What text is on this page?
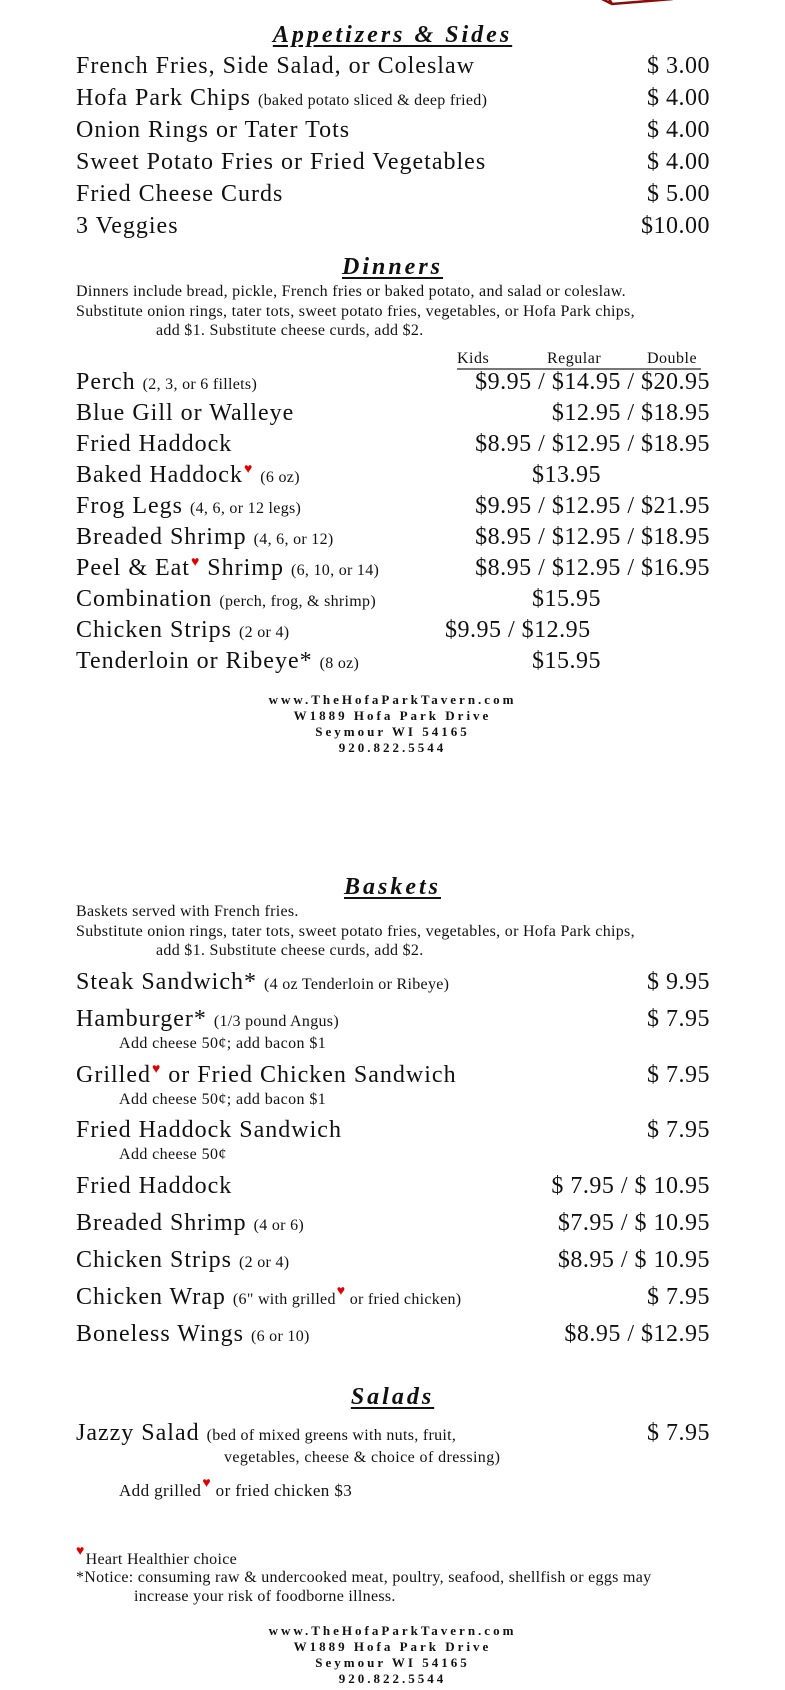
Appetizers & Sides
French Fries, Side Salad, or Coleslaw	$ 3.00
Hofa Park Chips (baked potato sliced & deep fried)	$ 4.00
Onion Rings or Tater Tots	$ 4.00
Sweet Potato Fries or Fried Vegetables	$ 4.00
Fried Cheese Curds	$ 5.00
3 Veggies	$10.00
Dinners
Dinners include bread, pickle, French fries or baked potato, and salad or coleslaw.
Substitute onion rings, tater tots, sweet potato fries, vegetables, or Hofa Park chips,
add $1. Substitute cheese curds, add $2.
Kids	Regular	Double
Perch (2, 3, or 6 fillets)	$9.95 / $14.95 / $20.95
Blue Gill or Walleye	$12.95 / $18.95
Fried Haddock	$8.95 / $12.95 / $18.95
Baked Haddock♥ (6 oz)	$13.95
Frog Legs (4, 6, or 12 legs)	$9.95 / $12.95 / $21.95
Breaded Shrimp (4, 6, or 12)	$8.95 / $12.95 / $18.95
Peel & Eat♥ Shrimp (6, 10, or 14)	$8.95 / $12.95 / $16.95
Combination (perch, frog, & shrimp)	$15.95
Chicken Strips (2 or 4)	$9.95 / $12.95
Tenderloin or Ribeye* (8 oz)	$15.95
www.TheHofaParkTavern.com
W1889 Hofa Park Drive
Seymour WI 54165
920.822.5544
Baskets
Baskets served with French fries.
Substitute onion rings, tater tots, sweet potato fries, vegetables, or Hofa Park chips,
add $1. Substitute cheese curds, add $2.
Steak Sandwich* (4 oz Tenderloin or Ribeye)	$ 9.95
Hamburger* (1/3 pound Angus)	$ 7.95
Add cheese 50¢; add bacon $1
Grilled♥ or Fried Chicken Sandwich	$ 7.95
Add cheese 50¢; add bacon $1
Fried Haddock Sandwich	$ 7.95
Add cheese 50¢
Fried Haddock	$ 7.95 / $ 10.95
Breaded Shrimp (4 or 6)	$7.95 / $ 10.95
Chicken Strips (2 or 4)	$8.95 / $ 10.95
Chicken Wrap (6" with grilled♥ or fried chicken)	$ 7.95
Boneless Wings (6 or 10)	$8.95 / $12.95
Salads
Jazzy Salad (bed of mixed greens with nuts, fruit,	$ 7.95
vegetables, cheese & choice of dressing)
Add grilled♥ or fried chicken $3
♥Heart Healthier choice
*Notice: consuming raw & undercooked meat, poultry, seafood, shellfish or eggs may
increase your risk of foodborne illness.
www.TheHofaParkTavern.com
W1889 Hofa Park Drive
Seymour WI 54165
920.822.5544
